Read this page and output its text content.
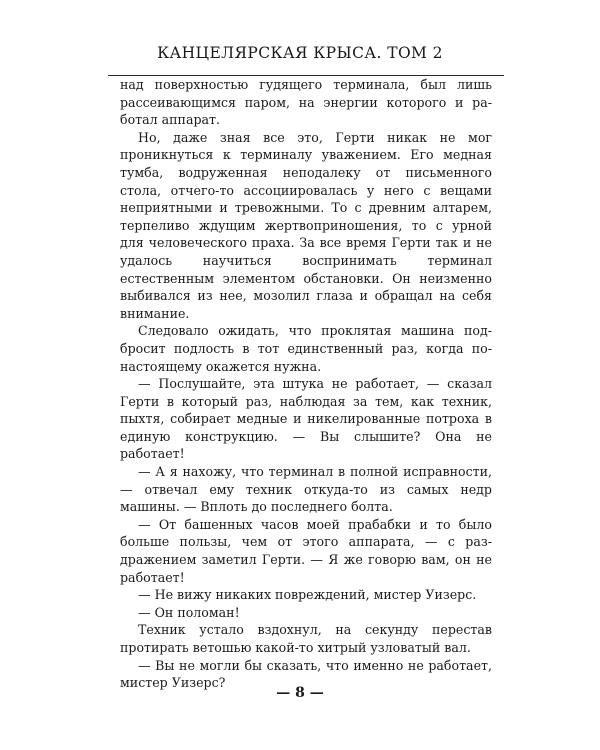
КАНЦЕЛЯРСКАЯ КРЫСА. ТОМ 2

над поверхностью гудящего терминала, был лишь рассеивающимся паром, на энергии которого и работал аппарат.

Но, даже зная все это, Герти никак не мог проникнуться к терминалу уважением. Его медная тумба, водруженная неподалеку от письменного стола, отчего-то ассоциировалась у него с вещами неприятными и тревожными. То с древним алтарем, терпеливо ждущим жертвоприношения, то с урной для человеческого праха. За все время Герти так и не удалось научиться воспринимать терминал естественным элементом обстановки. Он неизменно выбивался из нее, мозолил глаза и обращал на себя внимание.

Следовало ожидать, что проклятая машина подбросит подлость в тот единственный раз, когда по-настоящему окажется нужна.

— Послушайте, эта штука не работает, — сказал Герти в который раз, наблюдая за тем, как техник, пыхтя, собирает медные и никелированные потроха в единую конструкцию. — Вы слышите? Она не работает!

— А я нахожу, что терминал в полной исправности, — отвечал ему техник откуда-то из самых недр машины. — Вплоть до последнего болта.

— От башенных часов моей прабабки и то было больше пользы, чем от этого аппарата, — с раздражением заметил Герти. — Я же говорю вам, он не работает!

— Не вижу никаких повреждений, мистер Уизерс.

— Он поломан!

Техник устало вздохнул, на секунду перестав протирать ветошью какой-то хитрый узловатый вал.

— Вы не могли бы сказать, что именно не работает, мистер Уизерс?

— 8 —
